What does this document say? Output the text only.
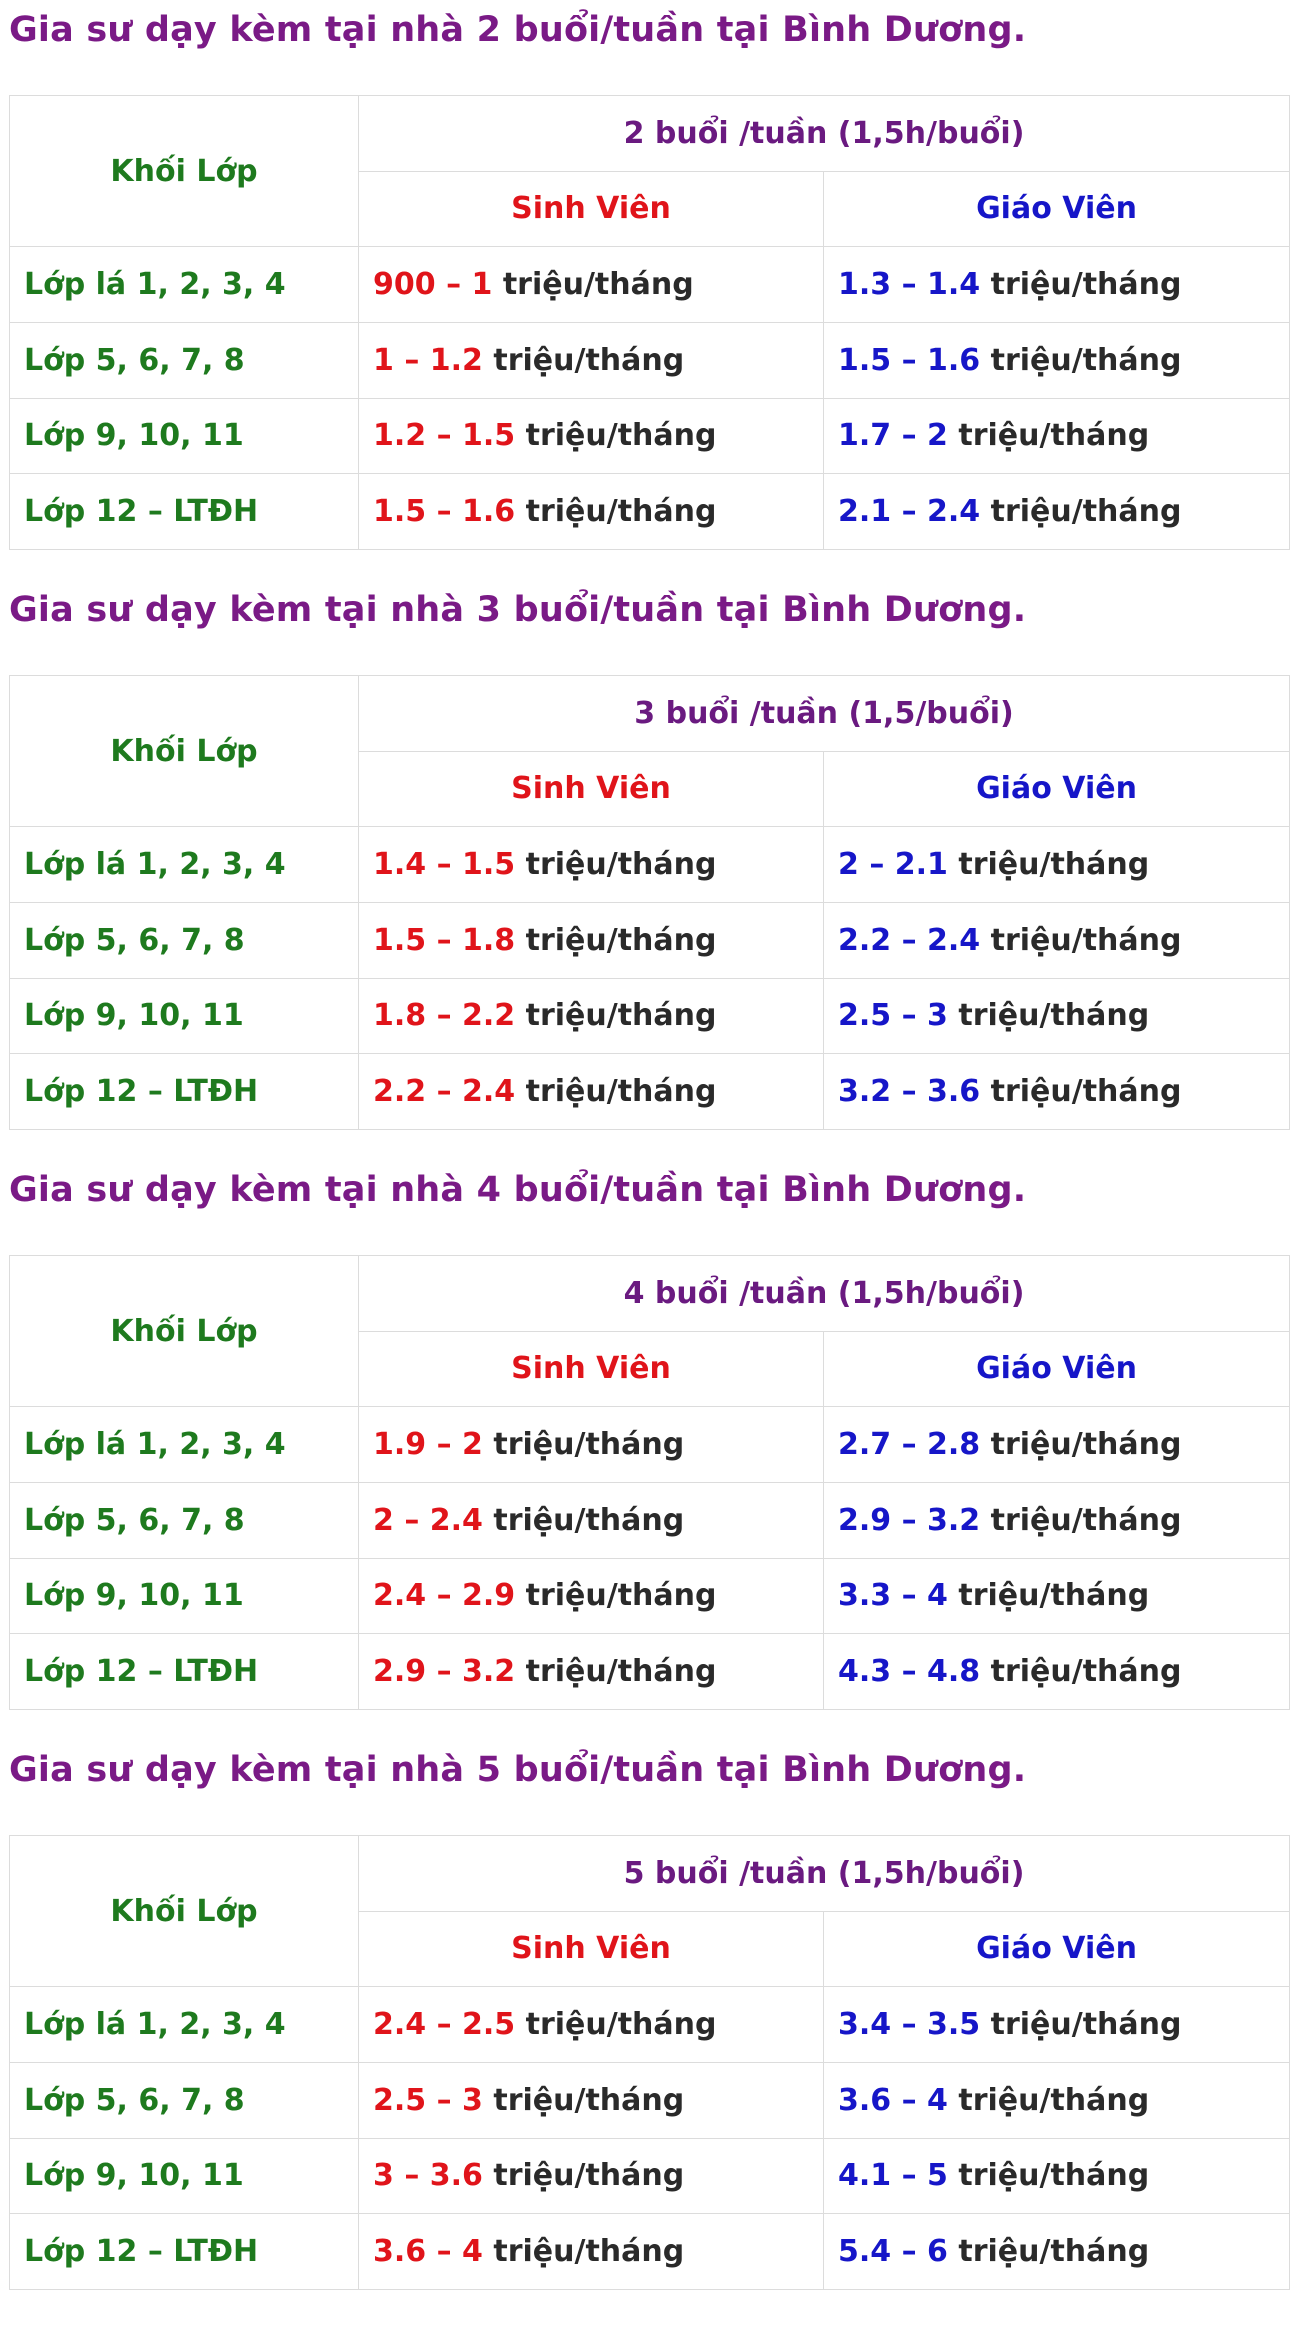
Gia sư dạy kèm tại nhà 2 buổi/tuần tại Bình Dương.
Khối Lớp	2 buổi /tuần (1,5h/buổi)	
	Sinh Viên	Giáo Viên
Lớp lá 1, 2, 3, 4	900 – 1 triệu/tháng	1.3 – 1.4 triệu/tháng
Lớp 5, 6, 7, 8	1 – 1.2 triệu/tháng	1.5 – 1.6 triệu/tháng
Lớp 9, 10, 11	1.2 – 1.5 triệu/tháng	1.7 – 2 triệu/tháng
Lớp 12 – LTĐH	1.5 – 1.6 triệu/tháng	2.1 – 2.4 triệu/tháng
Gia sư dạy kèm tại nhà 3 buổi/tuần tại Bình Dương.
Khối Lớp	3 buổi /tuần (1,5/buổi)	
	Sinh Viên	Giáo Viên
Lớp lá 1, 2, 3, 4	1.4 – 1.5 triệu/tháng	2 – 2.1 triệu/tháng
Lớp 5, 6, 7, 8	1.5 – 1.8 triệu/tháng	2.2 – 2.4 triệu/tháng
Lớp 9, 10, 11	1.8 – 2.2 triệu/tháng	2.5 – 3 triệu/tháng
Lớp 12 – LTĐH	2.2 – 2.4 triệu/tháng	3.2 – 3.6 triệu/tháng
Gia sư dạy kèm tại nhà 4 buổi/tuần tại Bình Dương.
Khối Lớp	4 buổi /tuần (1,5h/buổi)	
	Sinh Viên	Giáo Viên
Lớp lá 1, 2, 3, 4	1.9 – 2 triệu/tháng	2.7 – 2.8 triệu/tháng
Lớp 5, 6, 7, 8	2 – 2.4 triệu/tháng	2.9 – 3.2 triệu/tháng
Lớp 9, 10, 11	2.4 – 2.9 triệu/tháng	3.3 – 4 triệu/tháng
Lớp 12 – LTĐH	2.9 – 3.2 triệu/tháng	4.3 – 4.8 triệu/tháng
Gia sư dạy kèm tại nhà 5 buổi/tuần tại Bình Dương.
Khối Lớp	5 buổi /tuần (1,5h/buổi)	
	Sinh Viên	Giáo Viên
Lớp lá 1, 2, 3, 4	2.4 – 2.5 triệu/tháng	3.4 – 3.5 triệu/tháng
Lớp 5, 6, 7, 8	2.5 – 3 triệu/tháng	3.6 – 4 triệu/tháng
Lớp 9, 10, 11	3 – 3.6 triệu/tháng	4.1 – 5 triệu/tháng
Lớp 12 – LTĐH	3.6 – 4 triệu/tháng	5.4 – 6 triệu/tháng
